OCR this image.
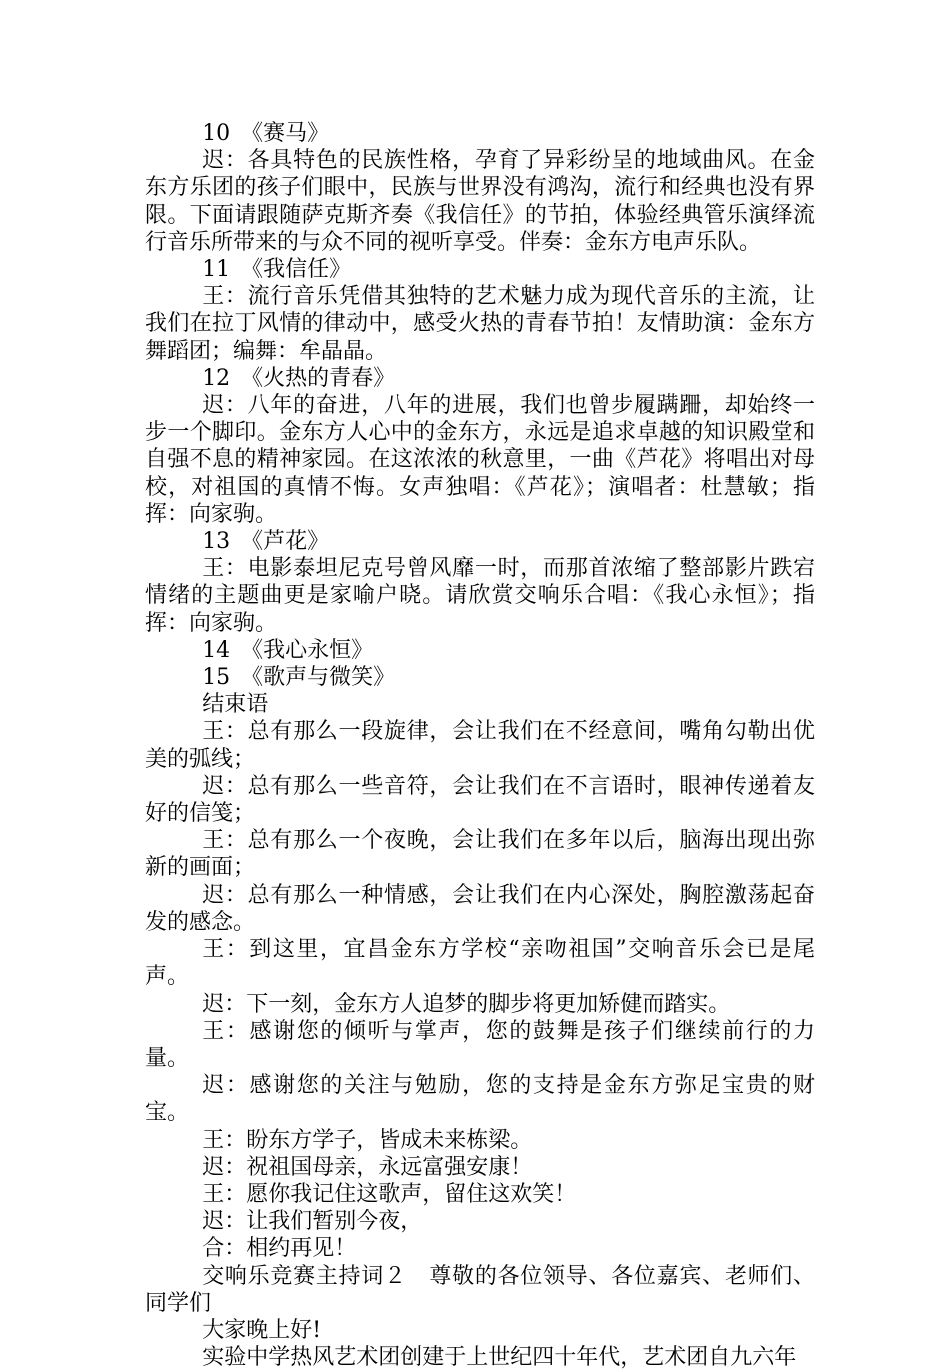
10　《赛马》

迟：各具特色的民族性格，孕育了异彩纷呈的地域曲风。在金东方乐团的孩子们眼中，民族与世界没有鸿沟，流行和经典也没有界限。下面请跟随萨克斯齐奏《我信任》的节拍，体验经典管乐演绎流行音乐所带来的与众不同的视听享受。伴奏：金东方电声乐队。

11　《我信任》

王：流行音乐凭借其独特的艺术魅力成为现代音乐的主流，让我们在拉丁风情的律动中，感受火热的青春节拍！友情助演：金东方舞蹈团；编舞：牟晶晶。

12　《火热的青春》

迟：八年的奋进，八年的进展，我们也曾步履蹒跚，却始终一步一个脚印。金东方人心中的金东方，永远是追求卓越的知识殿堂和自强不息的精神家园。在这浓浓的秋意里，一曲《芦花》将唱出对母校，对祖国的真情不悔。女声独唱：《芦花》；演唱者：杜慧敏；指挥：向家驹。

13　《芦花》

王：电影泰坦尼克号曾风靡一时，而那首浓缩了整部影片跌宕情绪的主题曲更是家喻户晓。请欣赏交响乐合唱：《我心永恒》；指挥：向家驹。

14　《我心永恒》

15　《歌声与微笑》

结束语

王：总有那么一段旋律，会让我们在不经意间，嘴角勾勒出优美的弧线；

迟：总有那么一些音符，会让我们在不言语时，眼神传递着友好的信笺；

王：总有那么一个夜晚，会让我们在多年以后，脑海出现出弥新的画面；

迟：总有那么一种情感，会让我们在内心深处，胸腔激荡起奋发的感念。

王：到这里，宜昌金东方学校“亲吻祖国”交响音乐会已是尾声。

迟：下一刻，金东方人追梦的脚步将更加矫健而踏实。

王：感谢您的倾听与掌声，您的鼓舞是孩子们继续前行的力量。

迟：感谢您的关注与勉励，您的支持是金东方弥足宝贵的财宝。

王：盼东方学子，皆成未来栋梁。

迟：祝祖国母亲，永远富强安康！

王：愿你我记住这歌声，留住这欢笑！

迟：让我们暂别今夜，

合：相约再见！

交响乐竞赛主持词２　尊敬的各位领导、各位嘉宾、老师们、同学们

大家晚上好!

实验中学热风艺术团创建于上世纪四十年代，艺术团自九六年
